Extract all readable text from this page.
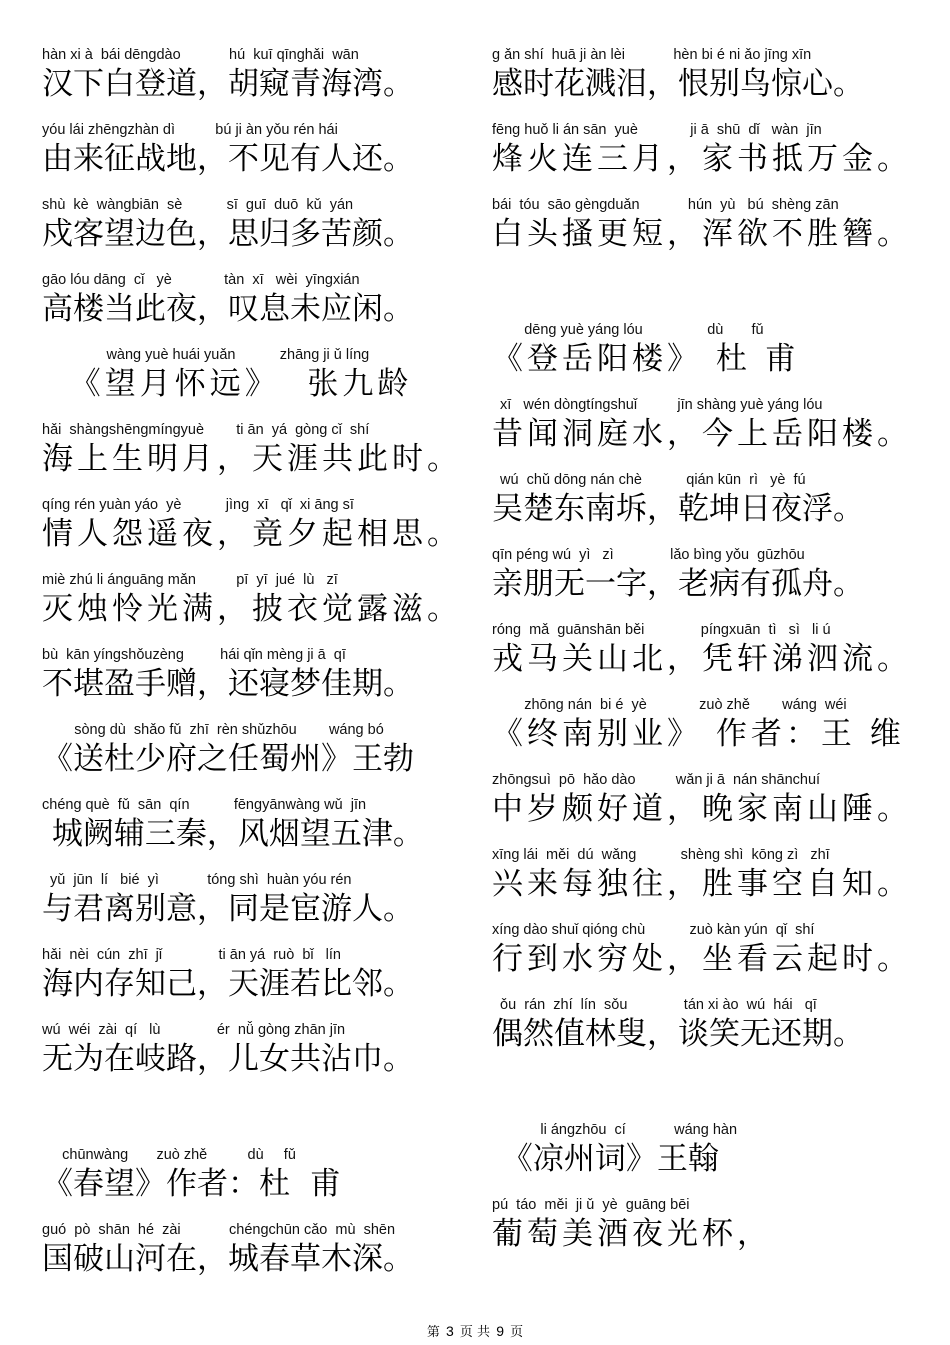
hàn xi à  bái dēngdào            hú  kuī qīnghǎi  wān
汉下白登道，胡窥青海湾。
yóu lái zhēngzhàn dì          bú ji àn yǒu rén hái
由来征战地，不见有人还。
shù  kè  wàngbiān  sè           sī  guī  duō  kǔ  yán
戍客望边色，思归多苦颜。
gāo lóu dāng  cǐ   yè             tàn  xī   wèi  yīngxián
高楼当此夜，叹息未应闲。
wàng yuè huái yuǎn           zhāng ji ǔ líng
《望月怀远》  张九龄
hǎi  shàngshēngmíngyuè        ti ān  yá  gòng cǐ  shí
海上生明月，天涯共此时。
qíng rén yuàn yáo  yè           jìng  xī   qǐ  xi āng sī
情人怨遥夜，竟夕起相思。
miè zhú li ánguāng mǎn          pī  yī  jué  lù   zī
灭烛怜光满，披衣觉露滋。
bù  kān yíngshǒuzèng         hái qǐn mèng ji ā  qī
不堪盈手赠，还寝梦佳期。
sòng dù  shǎo fǔ  zhī  rèn shǔzhōu        wáng bó
《送杜少府之任蜀州》王勃
chéng què  fǔ  sān  qín           fēngyānwàng wǔ  jīn
城阙辅三秦，风烟望五津。
yǔ  jūn  lí   bié  yì            tóng shì  huàn yóu rén
与君离别意，同是宦游人。
hǎi  nèi  cún  zhī  jǐ              ti ān yá  ruò  bǐ   lín
海内存知己，天涯若比邻。
wú  wéi  zài  qí   lù              ér  nǚ gòng zhān jīn
无为在岐路，儿女共沾巾。
chūnwàng       zuò zhě          dù     fǔ
《春望》作者：杜  甫
guó  pò  shān  hé  zài            chéngchūn cǎo  mù  shēn
国破山河在，城春草木深。
g ǎn shí  huā ji àn lèi            hèn bi é ni ǎo jīng xīn
感时花溅泪，恨别鸟惊心。
fēng huǒ li án sān  yuè             ji ā  shū  dǐ   wàn  jīn
烽火连三月，家书抵万金。
bái  tóu  sāo gèngduǎn            hún  yù   bú  shèng zān
白头搔更短，浑欲不胜簪。
dēng yuè yáng lóu                dù       fǔ
《登岳阳楼》 杜 甫
xī   wén dòngtíngshuǐ          jīn shàng yuè yáng lóu
昔闻洞庭水，今上岳阳楼。
wú  chǔ dōng nán chè           qián kūn  rì   yè  fú
吴楚东南坼，乾坤日夜浮。
qīn péng wú  yì   zì              lǎo bìng yǒu  gūzhōu
亲朋无一字，老病有孤舟。
róng  mǎ  guānshān běi              píngxuān  tì   sì   li ú
戎马关山北，凭轩涕泗流。
zhōng nán  bi é  yè             zuò zhě        wáng  wéi
《终南别业》 作者：王 维
zhōngsuì  pō  hǎo dào          wǎn ji ā  nán shānchuí
中岁颇好道，晚家南山陲。
xīng lái  měi  dú  wǎng           shèng shì  kōng zì   zhī
兴来每独往，胜事空自知。
xíng dào shuǐ qióng chù           zuò kàn yún  qǐ  shí
行到水穷处，坐看云起时。
ǒu  rán  zhí  lín  sǒu              tán xi ào  wú  hái   qī
偶然值林叟，谈笑无还期。
li ángzhōu  cí            wáng hàn
《凉州词》王翰
pú  táo  měi  ji ǔ  yè  guāng bēi
葡萄美酒夜光杯，
第 3 页 共 9 页
